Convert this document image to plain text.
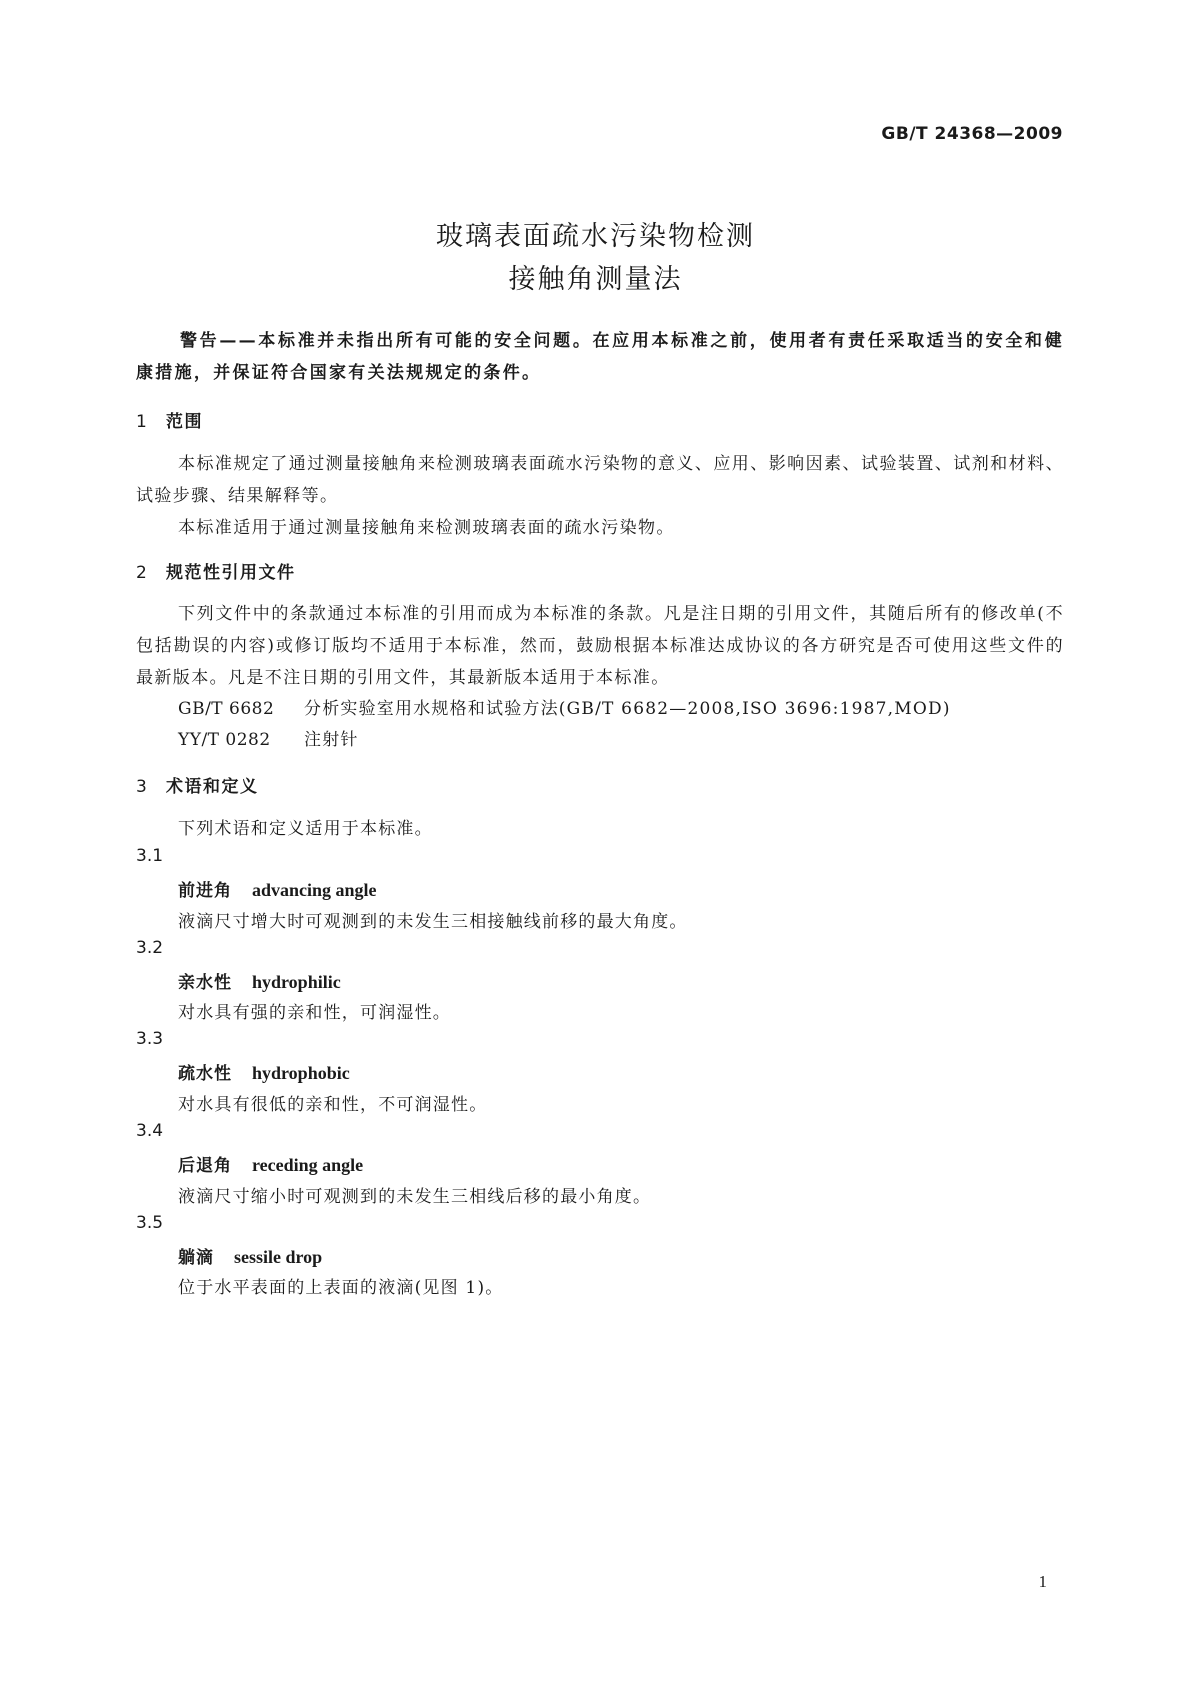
GB/T 24368—2009
玻璃表面疏水污染物检测
接触角测量法
警告——本标准并未指出所有可能的安全问题。在应用本标准之前，使用者有责任采取适当的安全和健康措施，并保证符合国家有关法规规定的条件。
1 范围
本标准规定了通过测量接触角来检测玻璃表面疏水污染物的意义、应用、影响因素、试验装置、试剂和材料、试验步骤、结果解释等。
本标准适用于通过测量接触角来检测玻璃表面的疏水污染物。
2 规范性引用文件
下列文件中的条款通过本标准的引用而成为本标准的条款。凡是注日期的引用文件，其随后所有的修改单(不包括勘误的内容)或修订版均不适用于本标准，然而，鼓励根据本标准达成协议的各方研究是否可使用这些文件的最新版本。凡是不注日期的引用文件，其最新版本适用于本标准。
GB/T 6682 分析实验室用水规格和试验方法(GB/T 6682—2008,ISO 3696:1987,MOD)
YY/T 0282 注射针
3 术语和定义
下列术语和定义适用于本标准。
3.1
前进角 advancing angle
液滴尺寸增大时可观测到的未发生三相接触线前移的最大角度。
3.2
亲水性 hydrophilic
对水具有强的亲和性，可润湿性。
3.3
疏水性 hydrophobic
对水具有很低的亲和性，不可润湿性。
3.4
后退角 receding angle
液滴尺寸缩小时可观测到的未发生三相线后移的最小角度。
3.5
躺滴 sessile drop
位于水平表面的上表面的液滴(见图 1)。
1
